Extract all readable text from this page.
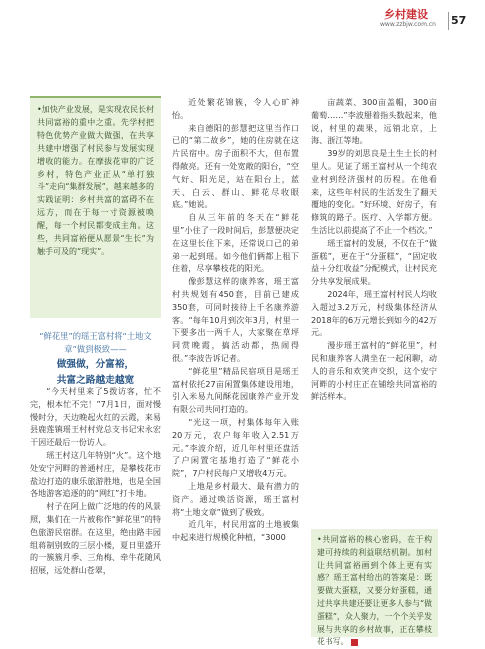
乡村建设
www.zzbjw.com.cn 57
•加快产业发展，是实现农民长村共同富裕的重中之重。先学村把特色优势产业做大做强，在共享共建中增强了村民参与发展实现增收的能力。在摩拔花审的广泛乡村，特色产业正从“单打独斗”走向“集群发展”，越来越多的实践证明：乡村共富的富碍不在远方，而在于每一寸资源被唤醒，每一个村民都变成主角。这些，共同富裕便从愿景“生长”为触手可及的“现实”。
“鲜花里”的瑶王富村将“土地文章”做到极致——
做强做，分富裕，
共富之路越走越宽

“今天村里来了5拨访客，忙不完，根本忙不完！”7月1日，面对慢慢时分，天边晚起火红的云霞，来易县鹿莲镇瑶王村村党总支书记宋永宏干因还最后一份访人。

瑶王村这几年特别“火”。这个地处安宁河畔的普通村庄，是攀枝花市盐边打造的康乐旅游胜地，也是全国各地游客追逐的的“网红”打卡地。

村子在阿上做广泛地的传的风景照，集们在一片被称作“鲜花里”的特色旅游民宿群。在这里，绝由路丰园组蒋制别致的三层小楼，夏日里盛开的一簇簇月季、三角梅、牵牛花随风招展，远处群山苍翠，

近处繁花锦簇，令人心旷神怡。

来自德阳的彭慧把这里当作口已的“第二故乡”，她的住房就在这片民宿中。房子面积不大，但布置得敞亮。还有一处宽敞的阳台，“空气好、阳光足，站在阳台上，蓝天、白云、群山、鲜花尽收眼底。”她说。

自从三年前的冬天在“鲜花里”小住了一段时间后，彭慧便决定在这里长住下来，还常说口己的弟弟一起到瑶。如今他们俩都上租下住着，尽享攀枝花的阳光。

像彭慧这样的康养客，瑶王富村共规划有450套，目前已建成350套，可同时接待上千名康养游客。“每年10月到次年3月，村里一下要多出一两千人，大家聚在草坪同赏晚霞，搞活动都，热闹得很。”李波告诉记者。

“鲜花里”精品民宿项目是瑶王富村依托27亩闲置集体建设用地，引入米易九间酥花园康养产业开发有限公司共同打造的。

“光这一项，村集体每年入账20万元，农户每年收入2.51万元。”李波介绍，近几年村里还盘活了户闲置宅基地打造了“鲜花小院”，7户村民每户又增收4万元。

上地是乡村最大、最有潜力的资产。通过唤活资源，瑶王富村将“土地文章”做到了极致。

近几年，村民用富的土地被集中起来进行规模化种植，“3000

亩蔬菜、300亩盖帽，300亩葡萄……”李波掰着指头数起来，他说，村里的蔬果，远销北京，上海、浙江等地。

39岁的刘思良是土生土长的村里人。见证了瑶王富村从一个纯农业村到经济强村的历程。在他看来，这些年村民的生活发生了翻天覆地的变化。“好环境、好房子，有修筑的路子。医疗、入学都方便。生活比以前提高了不止一个档次。”

瑶王富村的发展，不仅在于“做蛋糕”，更在于“分蛋糕”，“固定收益＋分红收益”分配模式，让村民充分共享发展成果。

2024年，瑶王富村村民人均收入超过3.2万元，村级集体经济从2018年的6万元增长到如今的42万元。

漫步瑶王富村的“鲜花里”，村民和康养客人满坐在一起闲聊，动人的音乐和欢笑声交织，这个安宁河畔的小村庄正在铺绘共同富裕的鲜活样本。

•共同富裕的核心密码，在于构建可持续的利益联结机制。加村让共同富裕画到个体上更有实感？瑶王富村给出的答案是：既要做大蛋糕，又要分好蛋糕，通过共享共建还要让更多人参与“做蛋糕”，众人聚力，一个个关乎发展与共享的乡村故事，正在攀枝花书写。
